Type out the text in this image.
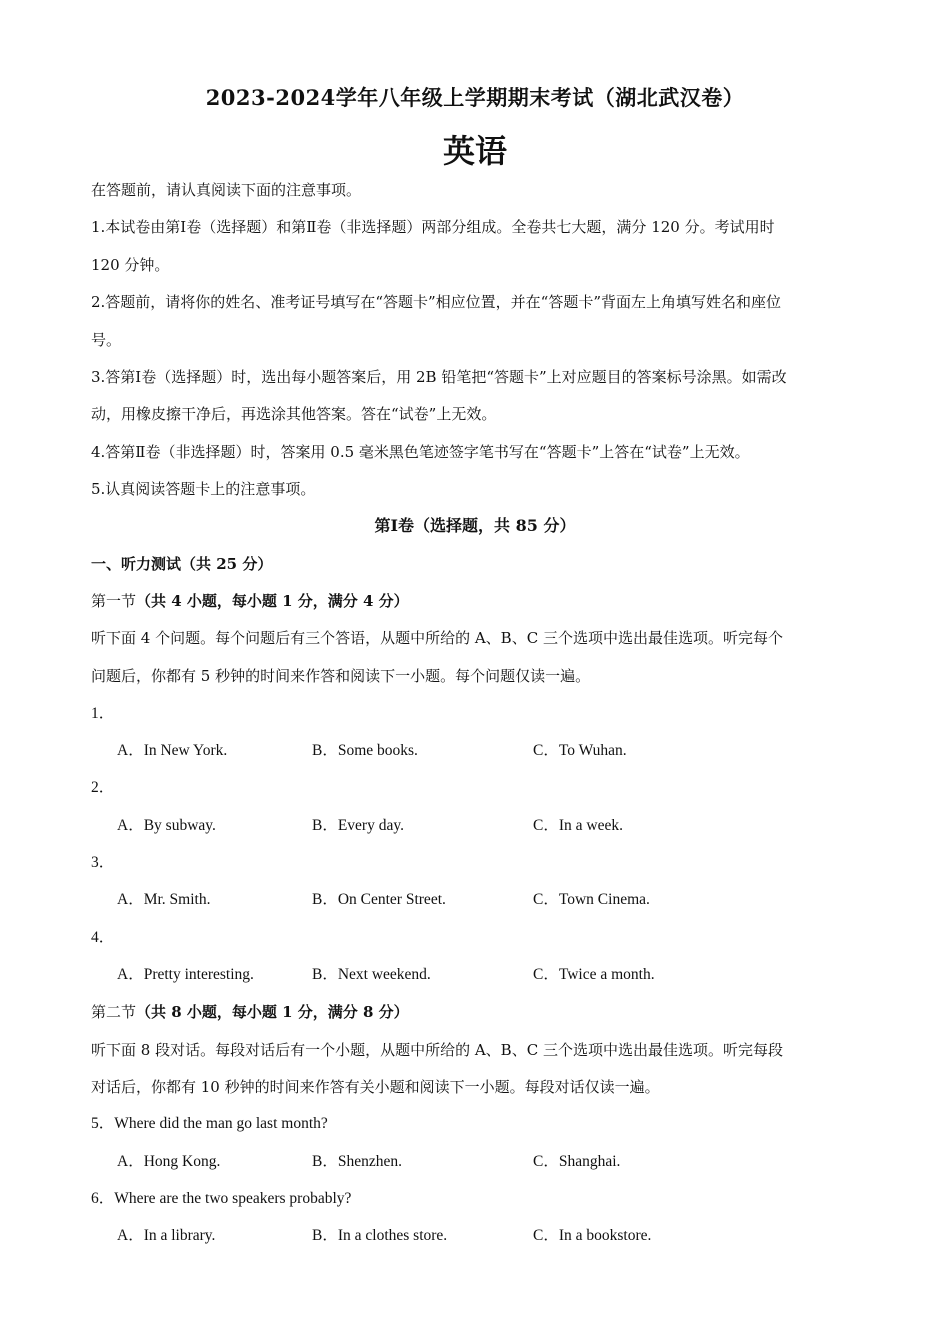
2023-2024学年八年级上学期期末考试（湖北武汉卷）
英语
在答题前，请认真阅读下面的注意事项。
1.本试卷由第Ⅰ卷（选择题）和第Ⅱ卷（非选择题）两部分组成。全卷共七大题，满分 120 分。考试用时
120 分钟。
2.答题前，请将你的姓名、准考证号填写在“答题卡”相应位置，并在“答题卡”背面左上角填写姓名和座位
号。
3.答第Ⅰ卷（选择题）时，选出每小题答案后，用 2B 铅笔把“答题卡”上对应题目的答案标号涂黑。如需改
动，用橡皮擦干净后，再选涂其他答案。答在“试卷”上无效。
4.答第Ⅱ卷（非选择题）时，答案用 0.5 毫米黑色笔迹签字笔书写在“答题卡”上答在“试卷”上无效。
5.认真阅读答题卡上的注意事项。
第Ⅰ卷（选择题，共 85 分）
一、听力测试（共 25 分）
第一节（共 4 小题，每小题 1 分，满分 4 分）
听下面 4 个问题。每个问题后有三个答语，从题中所给的 A、B、C 三个选项中选出最佳选项。听完每个
问题后，你都有 5 秒钟的时间来作答和阅读下一小题。每个问题仅读一遍。
1．
A．In New York.	B．Some books.	C．To Wuhan.
2．
A．By subway.	B．Every day.	C．In a week.
3．
A．Mr. Smith.	B．On Center Street.	C．Town Cinema.
4．
A．Pretty interesting.	B．Next weekend.	C．Twice a month.
第二节（共 8 小题，每小题 1 分，满分 8 分）
听下面 8 段对话。每段对话后有一个小题，从题中所给的 A、B、C 三个选项中选出最佳选项。听完每段
对话后，你都有 10 秒钟的时间来作答有关小题和阅读下一小题。每段对话仅读一遍。
5．Where did the man go last month?
A．Hong Kong.	B．Shenzhen.	C．Shanghai.
6．Where are the two speakers probably?
A．In a library.	B．In a clothes store.	C．In a bookstore.
